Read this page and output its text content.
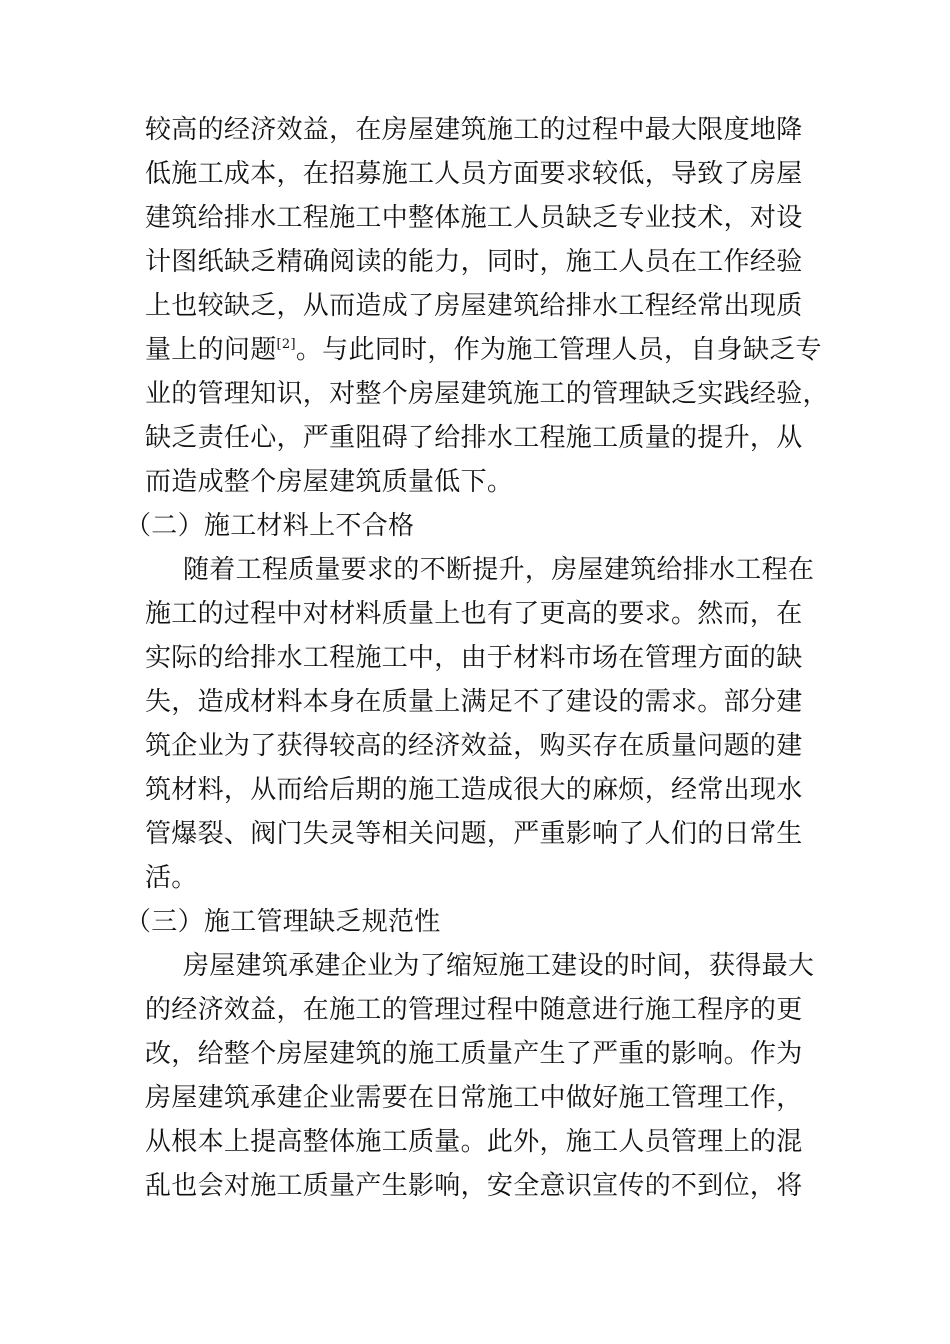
较高的经济效益，在房屋建筑施工的过程中最大限度地降
低施工成本，在招募施工人员方面要求较低，导致了房屋
建筑给排水工程施工中整体施工人员缺乏专业技术，对设
计图纸缺乏精确阅读的能力，同时，施工人员在工作经验
上也较缺乏，从而造成了房屋建筑给排水工程经常出现质
量上的问题[2]。与此同时，作为施工管理人员，自身缺乏专
业的管理知识，对整个房屋建筑施工的管理缺乏实践经验，
缺乏责任心，严重阻碍了给排水工程施工质量的提升，从
而造成整个房屋建筑质量低下。
（二）施工材料上不合格
随着工程质量要求的不断提升，房屋建筑给排水工程在
施工的过程中对材料质量上也有了更高的要求。然而，在
实际的给排水工程施工中，由于材料市场在管理方面的缺
失，造成材料本身在质量上满足不了建设的需求。部分建
筑企业为了获得较高的经济效益，购买存在质量问题的建
筑材料，从而给后期的施工造成很大的麻烦，经常出现水
管爆裂、阀门失灵等相关问题，严重影响了人们的日常生
活。
（三）施工管理缺乏规范性
房屋建筑承建企业为了缩短施工建设的时间，获得最大
的经济效益，在施工的管理过程中随意进行施工程序的更
改，给整个房屋建筑的施工质量产生了严重的影响。作为
房屋建筑承建企业需要在日常施工中做好施工管理工作，
从根本上提高整体施工质量。此外，施工人员管理上的混
乱也会对施工质量产生影响，安全意识宣传的不到位，将
